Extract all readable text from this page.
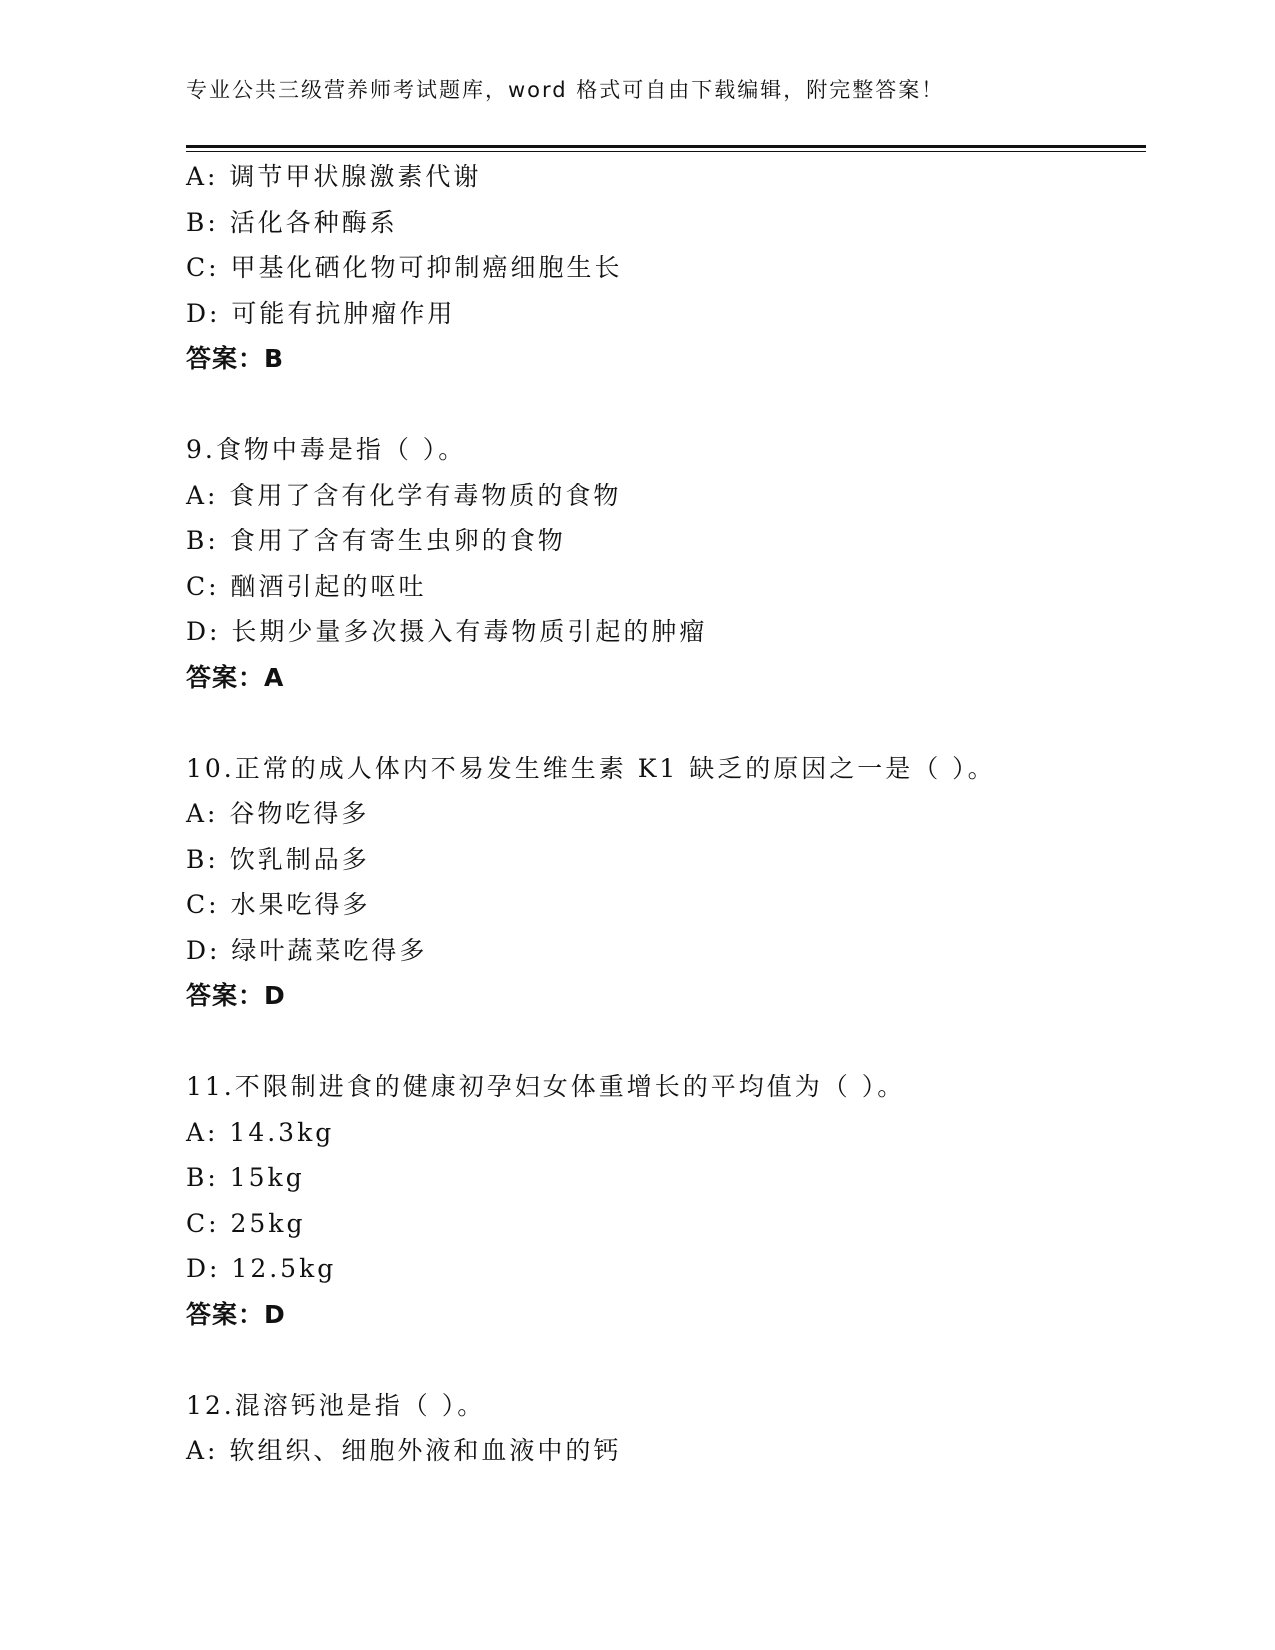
专业公共三级营养师考试题库，word 格式可自由下载编辑，附完整答案！
A: 调节甲状腺激素代谢
B: 活化各种酶系
C: 甲基化硒化物可抑制癌细胞生长
D: 可能有抗肿瘤作用
答案：B
9.食物中毒是指（ ）。
A: 食用了含有化学有毒物质的食物
B: 食用了含有寄生虫卵的食物
C: 酗酒引起的呕吐
D: 长期少量多次摄入有毒物质引起的肿瘤
答案：A
10.正常的成人体内不易发生维生素 K1 缺乏的原因之一是（ ）。
A: 谷物吃得多
B: 饮乳制品多
C: 水果吃得多
D: 绿叶蔬菜吃得多
答案：D
11.不限制进食的健康初孕妇女体重增长的平均值为（ ）。
A: 14.3kg
B: 15kg
C: 25kg
D: 12.5kg
答案：D
12.混溶钙池是指（ ）。
A: 软组织、细胞外液和血液中的钙
